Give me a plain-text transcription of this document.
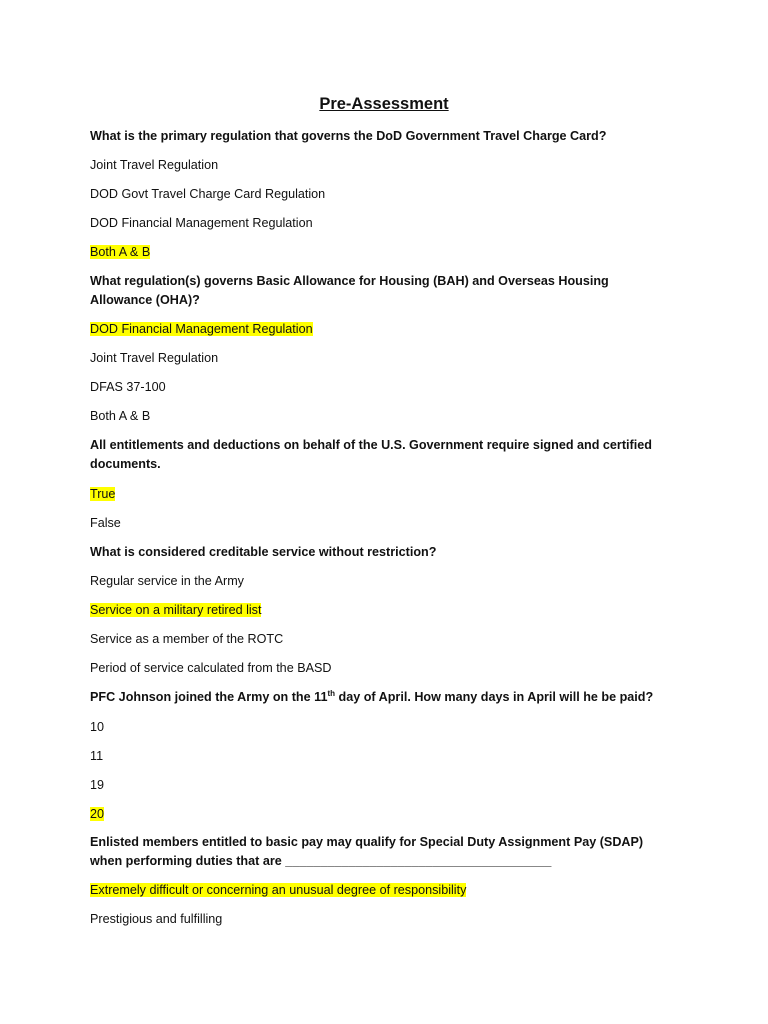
Pre-Assessment
What is the primary regulation that governs the DoD Government Travel Charge Card?
Joint Travel Regulation
DOD Govt Travel Charge Card Regulation
DOD Financial Management Regulation
Both A & B
What regulation(s) governs Basic Allowance for Housing (BAH) and Overseas Housing Allowance (OHA)?
DOD Financial Management Regulation
Joint Travel Regulation
DFAS 37-100
Both A & B
All entitlements and deductions on behalf of the U.S. Government require signed and certified documents.
True
False
What is considered creditable service without restriction?
Regular service in the Army
Service on a military retired list
Service as a member of the ROTC
Period of service calculated from the BASD
PFC Johnson joined the Army on the 11th day of April. How many days in April will he be paid?
10
11
19
20
Enlisted members entitled to basic pay may qualify for Special Duty Assignment Pay (SDAP) when performing duties that are ______________________________________
Extremely difficult or concerning an unusual degree of responsibility
Prestigious and fulfilling
